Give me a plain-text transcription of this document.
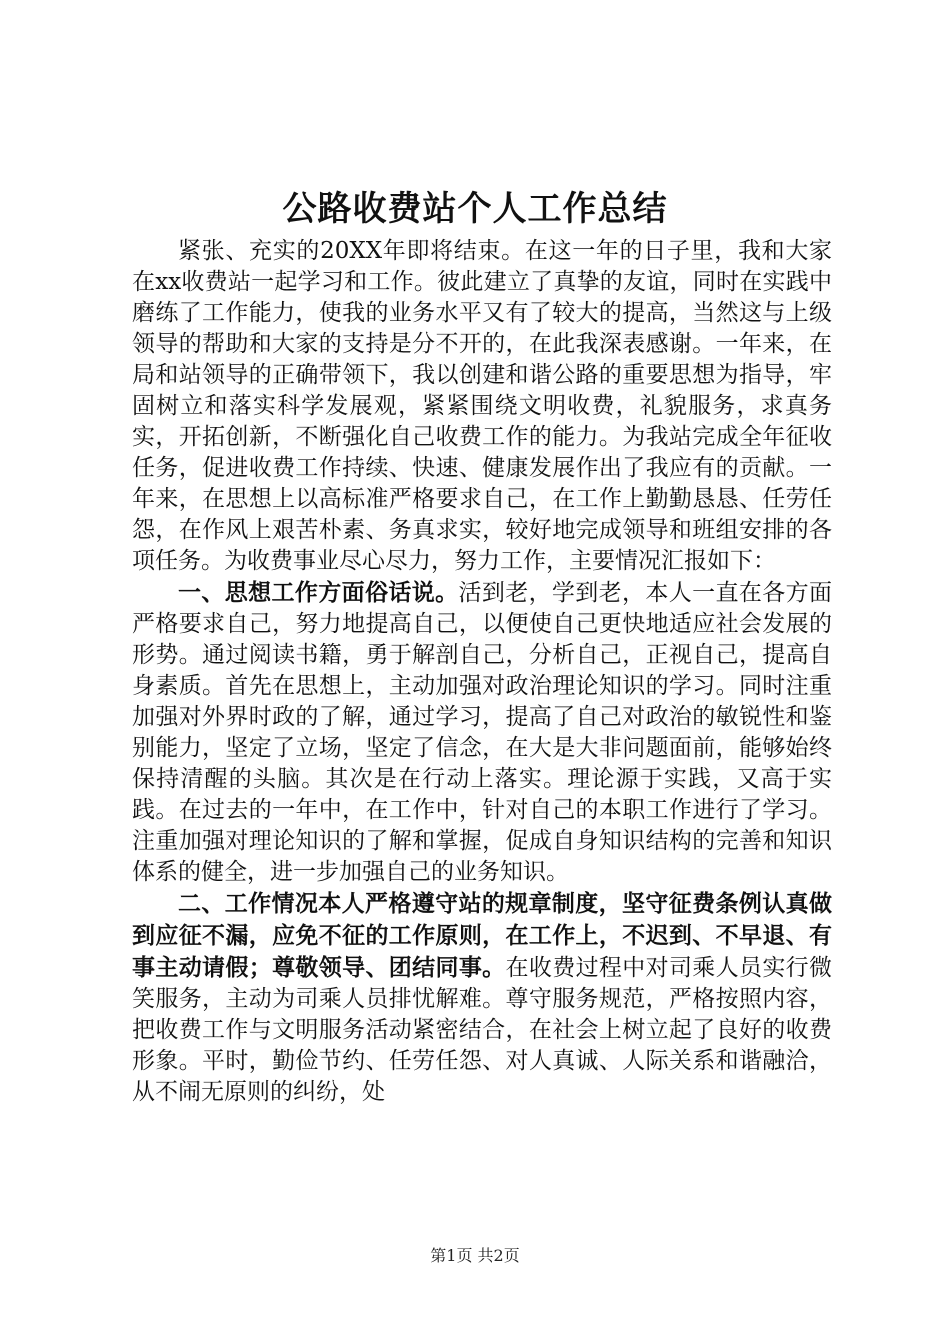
公路收费站个人工作总结

紧张、充实的20XX年即将结束。在这一年的日子里，我和大家在xx收费站一起学习和工作。彼此建立了真挚的友谊，同时在实践中磨练了工作能力，使我的业务水平又有了较大的提高，当然这与上级领导的帮助和大家的支持是分不开的，在此我深表感谢。一年来，在局和站领导的正确带领下，我以创建和谐公路的重要思想为指导，牢固树立和落实科学发展观，紧紧围绕文明收费，礼貌服务，求真务实，开拓创新，不断强化自己收费工作的能力。为我站完成全年征收任务，促进收费工作持续、快速、健康发展作出了我应有的贡献。一年来，在思想上以高标准严格要求自己，在工作上勤勤恳恳、任劳任怨，在作风上艰苦朴素、务真求实，较好地完成领导和班组安排的各项任务。为收费事业尽心尽力，努力工作，主要情况汇报如下：

一、思想工作方面俗话说。活到老，学到老，本人一直在各方面严格要求自己，努力地提高自己，以便使自己更快地适应社会发展的形势。通过阅读书籍，勇于解剖自己，分析自己，正视自己，提高自身素质。首先在思想上，主动加强对政治理论知识的学习。同时注重加强对外界时政的了解，通过学习，提高了自己对政治的敏锐性和鉴别能力，坚定了立场，坚定了信念，在大是大非问题面前，能够始终保持清醒的头脑。其次是在行动上落实。理论源于实践，又高于实践。在过去的一年中，在工作中，针对自己的本职工作进行了学习。注重加强对理论知识的了解和掌握，促成自身知识结构的完善和知识体系的健全，进一步加强自己的业务知识。

二、工作情况本人严格遵守站的规章制度，坚守征费条例认真做到应征不漏，应免不征的工作原则，在工作上，不迟到、不早退、有事主动请假；尊敬领导、团结同事。在收费过程中对司乘人员实行微笑服务，主动为司乘人员排忧解难。尊守服务规范，严格按照内容，把收费工作与文明服务活动紧密结合，在社会上树立起了良好的收费形象。平时，勤俭节约、任劳任怨、对人真诚、人际关系和谐融洽，从不闹无原则的纠纷，处

第1页 共2页
